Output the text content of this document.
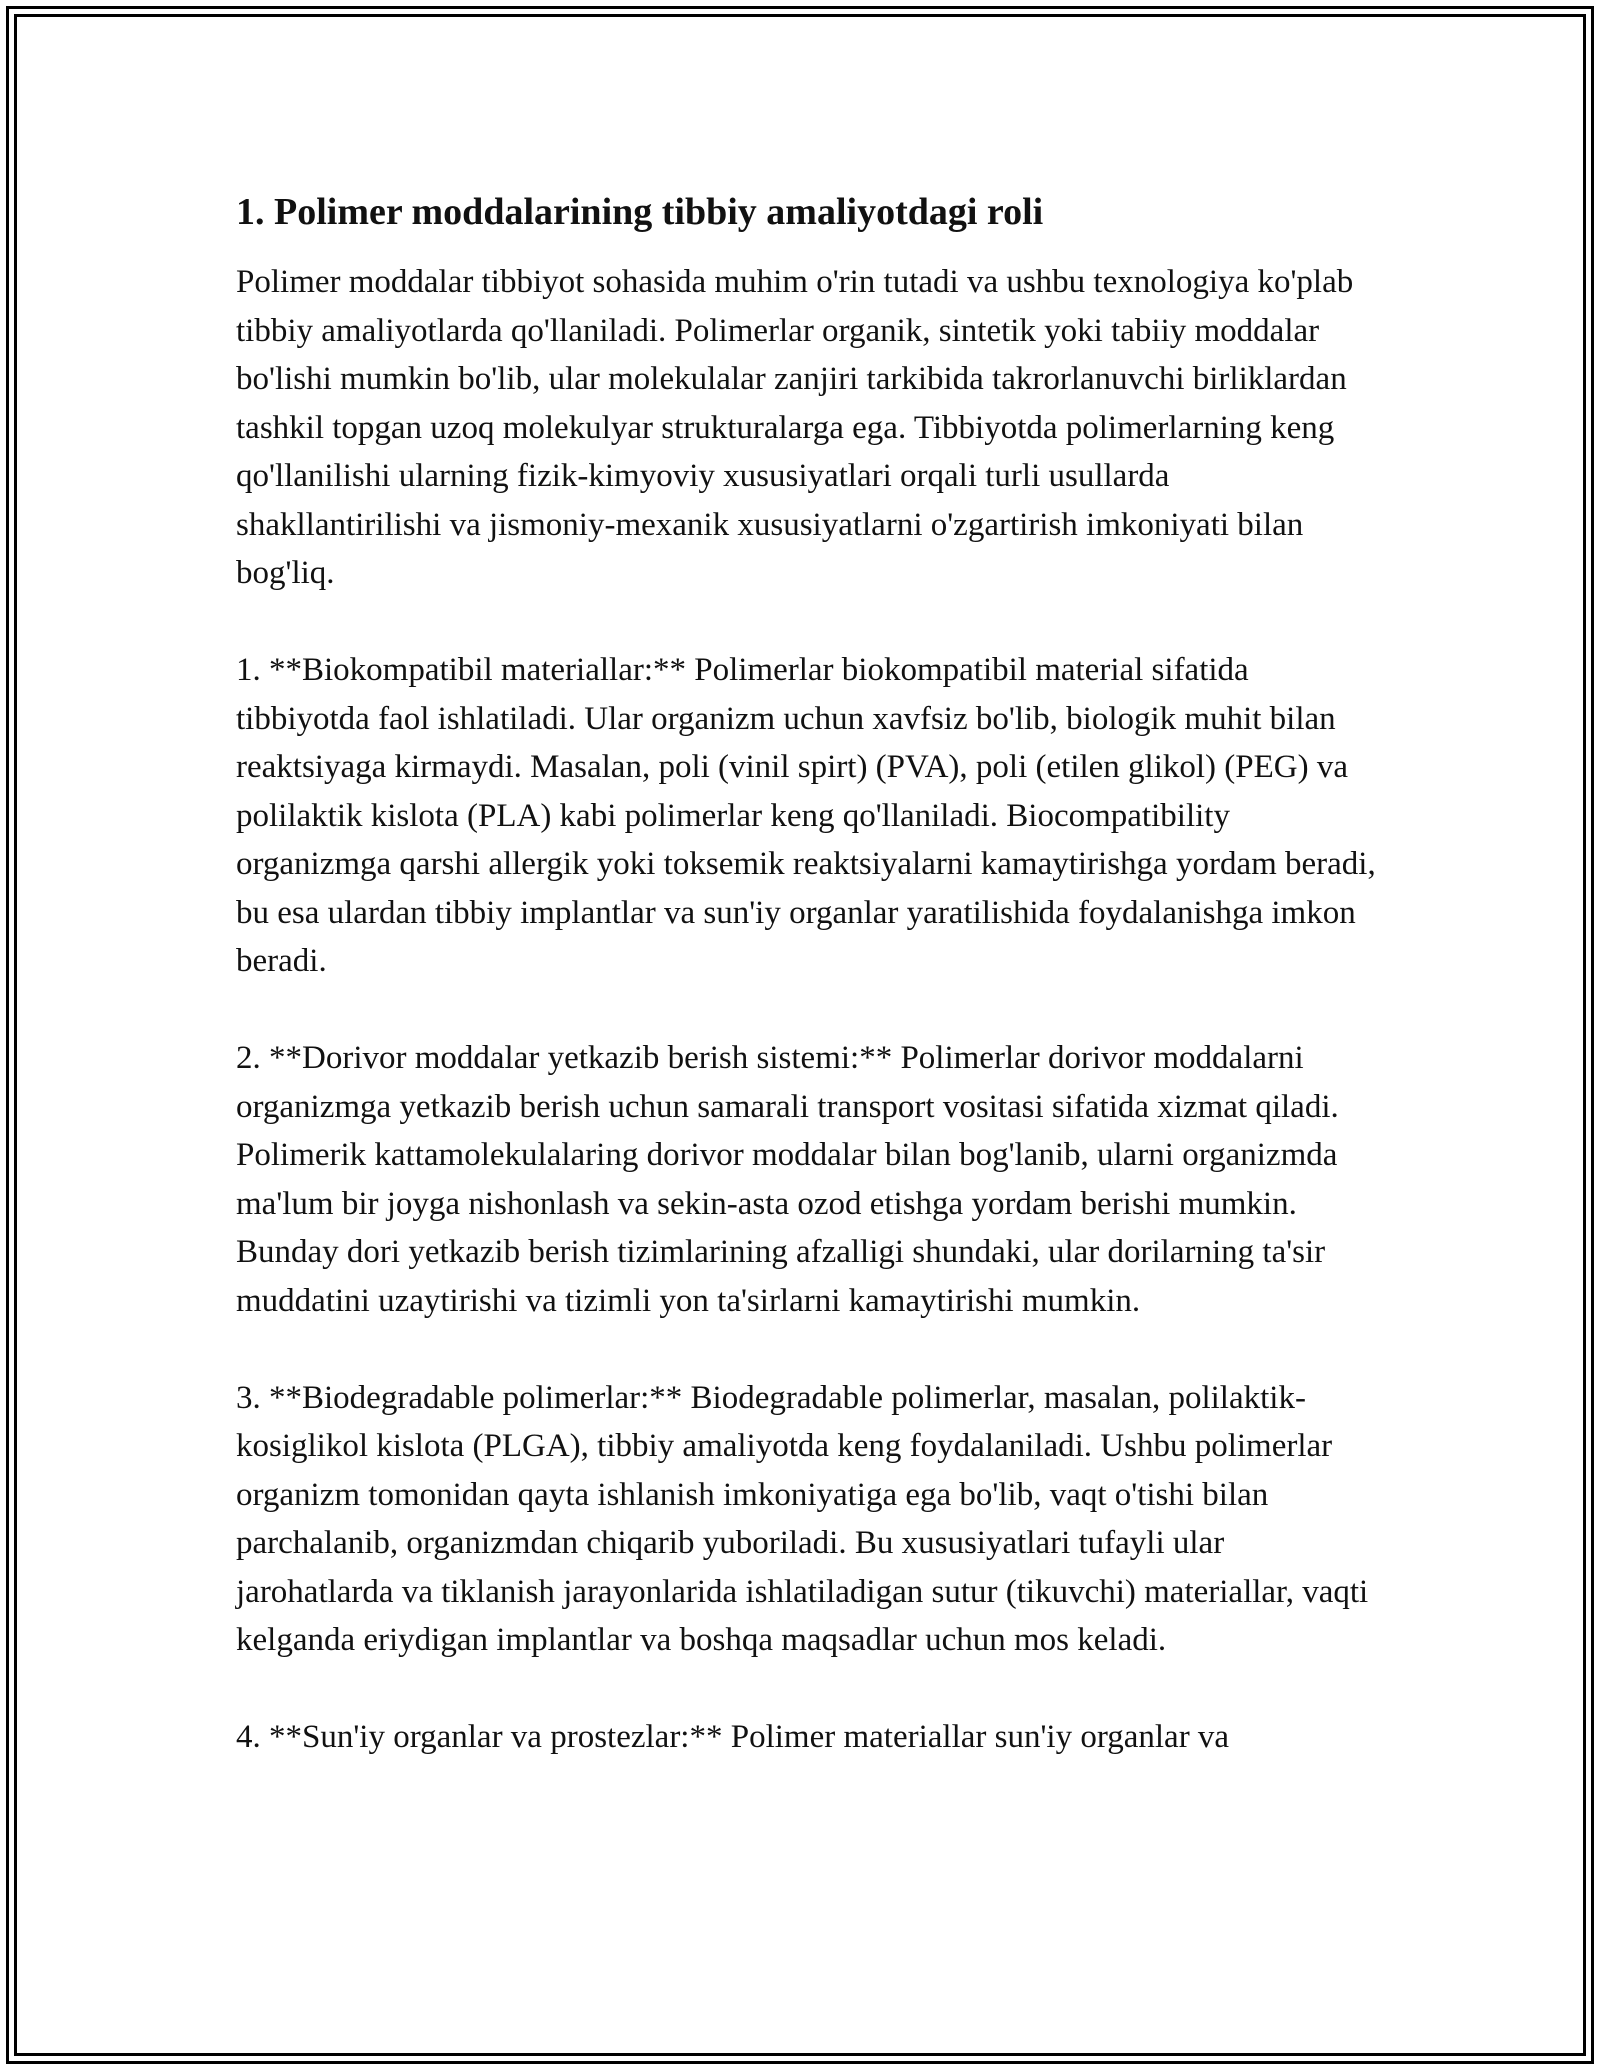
1. Polimer moddalarining tibbiy amaliyotdagi roli

Polimer moddalar tibbiyot sohasida muhim o'rin tutadi va ushbu texnologiya ko'plab tibbiy amaliyotlarda qo'llaniladi. Polimerlar organik, sintetik yoki tabiiy moddalar bo'lishi mumkin bo'lib, ular molekulalar zanjiri tarkibida takrorlanuvchi birliklardan tashkil topgan uzoq molekulyar strukturalarga ega. Tibbiyotda polimerlarning keng qo'llanilishi ularning fizik-kimyoviy xususiyatlari orqali turli usullarda shakllantirilishi va jismoniy-mexanik xususiyatlarni o'zgartirish imkoniyati bilan bog'liq.

1. **Biokompatibil materiallar:** Polimerlar biokompatibil material sifatida tibbiyotda faol ishlatiladi. Ular organizm uchun xavfsiz bo'lib, biologik muhit bilan reaktsiyaga kirmaydi. Masalan, poli (vinil spirt) (PVA), poli (etilen glikol) (PEG) va polilaktik kislota (PLA) kabi polimerlar keng qo'llaniladi. Biocompatibility organizmga qarshi allergik yoki toksemik reaktsiyalarni kamaytirishga yordam beradi, bu esa ulardan tibbiy implantlar va sun'iy organlar yaratilishida foydalanishga imkon beradi.

2. **Dorivor moddalar yetkazib berish sistemi:** Polimerlar dorivor moddalarni organizmga yetkazib berish uchun samarali transport vositasi sifatida xizmat qiladi. Polimerik kattamolekulalaring dorivor moddalar bilan bog'lanib, ularni organizmda ma'lum bir joyga nishonlash va sekin-asta ozod etishga yordam berishi mumkin. Bunday dori yetkazib berish tizimlarining afzalligi shundaki, ular dorilarning ta'sir muddatini uzaytirishi va tizimli yon ta'sirlarni kamaytirishi mumkin.

3. **Biodegradable polimerlar:** Biodegradable polimerlar, masalan, polilaktik-kosiglikol kislota (PLGA), tibbiy amaliyotda keng foydalaniladi. Ushbu polimerlar organizm tomonidan qayta ishlanish imkoniyatiga ega bo'lib, vaqt o'tishi bilan parchalanib, organizmdan chiqarib yuboriladi. Bu xususiyatlari tufayli ular jarohatlarda va tiklanish jarayonlarida ishlatiladigan sutur (tikuvchi) materiallar, vaqti kelganda eriydigan implantlar va boshqa maqsadlar uchun mos keladi.

4. **Sun'iy organlar va prostezlar:** Polimer materiallar sun'iy organlar va
